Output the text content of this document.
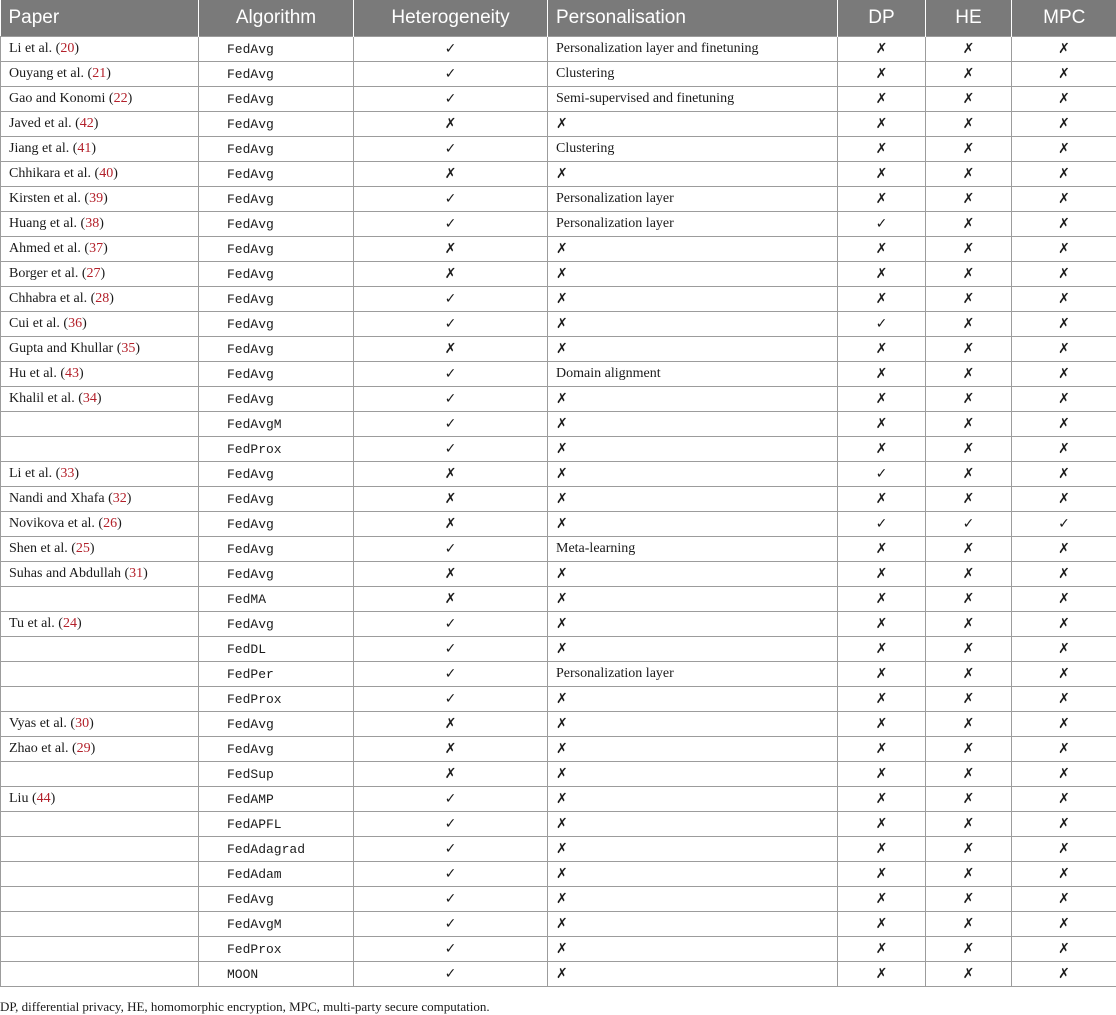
Paper	Algorithm	Heterogeneity	Personalisation	DP	HE	MPC
Li et al. (20)	FedAvg	✓	Personalization layer and finetuning	✗	✗	✗
Ouyang et al. (21)	FedAvg	✓	Clustering	✗	✗	✗
Gao and Konomi (22)	FedAvg	✓	Semi-supervised and finetuning	✗	✗	✗
Javed et al. (42)	FedAvg	✗	✗	✗	✗	✗
Jiang et al. (41)	FedAvg	✓	Clustering	✗	✗	✗
Chhikara et al. (40)	FedAvg	✗	✗	✗	✗	✗
Kirsten et al. (39)	FedAvg	✓	Personalization layer	✗	✗	✗
Huang et al. (38)	FedAvg	✓	Personalization layer	✓	✗	✗
Ahmed et al. (37)	FedAvg	✗	✗	✗	✗	✗
Borger et al. (27)	FedAvg	✗	✗	✗	✗	✗
Chhabra et al. (28)	FedAvg	✓	✗	✗	✗	✗
Cui et al. (36)	FedAvg	✓	✗	✓	✗	✗
Gupta and Khullar (35)	FedAvg	✗	✗	✗	✗	✗
Hu et al. (43)	FedAvg	✓	Domain alignment	✗	✗	✗
Khalil et al. (34)	FedAvg	✓	✗	✗	✗	✗
	FedAvgM	✓	✗	✗	✗	✗
	FedProx	✓	✗	✗	✗	✗
Li et al. (33)	FedAvg	✗	✗	✓	✗	✗
Nandi and Xhafa (32)	FedAvg	✗	✗	✗	✗	✗
Novikova et al. (26)	FedAvg	✗	✗	✓	✓	✓
Shen et al. (25)	FedAvg	✓	Meta-learning	✗	✗	✗
Suhas and Abdullah (31)	FedAvg	✗	✗	✗	✗	✗
	FedMA	✗	✗	✗	✗	✗
Tu et al. (24)	FedAvg	✓	✗	✗	✗	✗
	FedDL	✓	✗	✗	✗	✗
	FedPer	✓	Personalization layer	✗	✗	✗
	FedProx	✓	✗	✗	✗	✗
Vyas et al. (30)	FedAvg	✗	✗	✗	✗	✗
Zhao et al. (29)	FedAvg	✗	✗	✗	✗	✗
	FedSup	✗	✗	✗	✗	✗
Liu (44)	FedAMP	✓	✗	✗	✗	✗
	FedAPFL	✓	✗	✗	✗	✗
	FedAdagrad	✓	✗	✗	✗	✗
	FedAdam	✓	✗	✗	✗	✗
	FedAvg	✓	✗	✗	✗	✗
	FedAvgM	✓	✗	✗	✗	✗
	FedProx	✓	✗	✗	✗	✗
	MOON	✓	✗	✗	✗	✗
DP, differential privacy, HE, homomorphic encryption, MPC, multi-party secure computation.
